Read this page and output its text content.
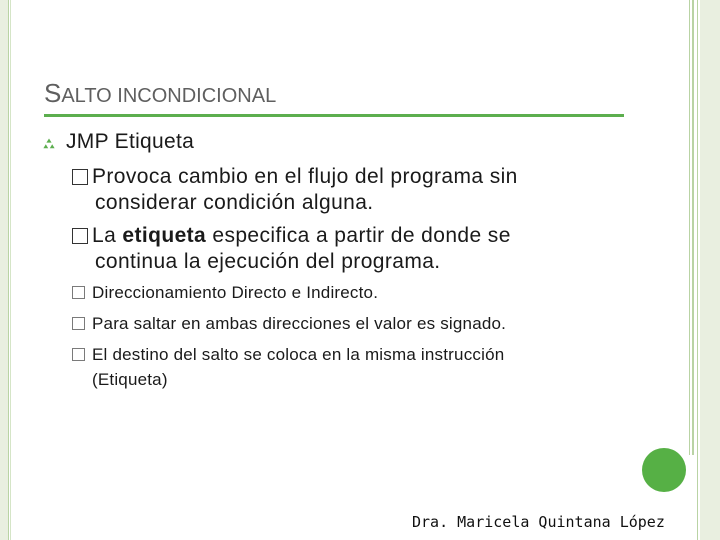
SALTO INCONDICIONAL
JMP Etiqueta
Provoca cambio en el flujo del programa sin
considerar condición alguna.
La etiqueta especifica a partir de donde se
continua la ejecución del programa.
Direccionamiento Directo e Indirecto.
Para saltar en ambas direcciones el valor es signado.
El destino del salto se coloca en la misma instrucción
(Etiqueta)
Dra. Maricela Quintana López
